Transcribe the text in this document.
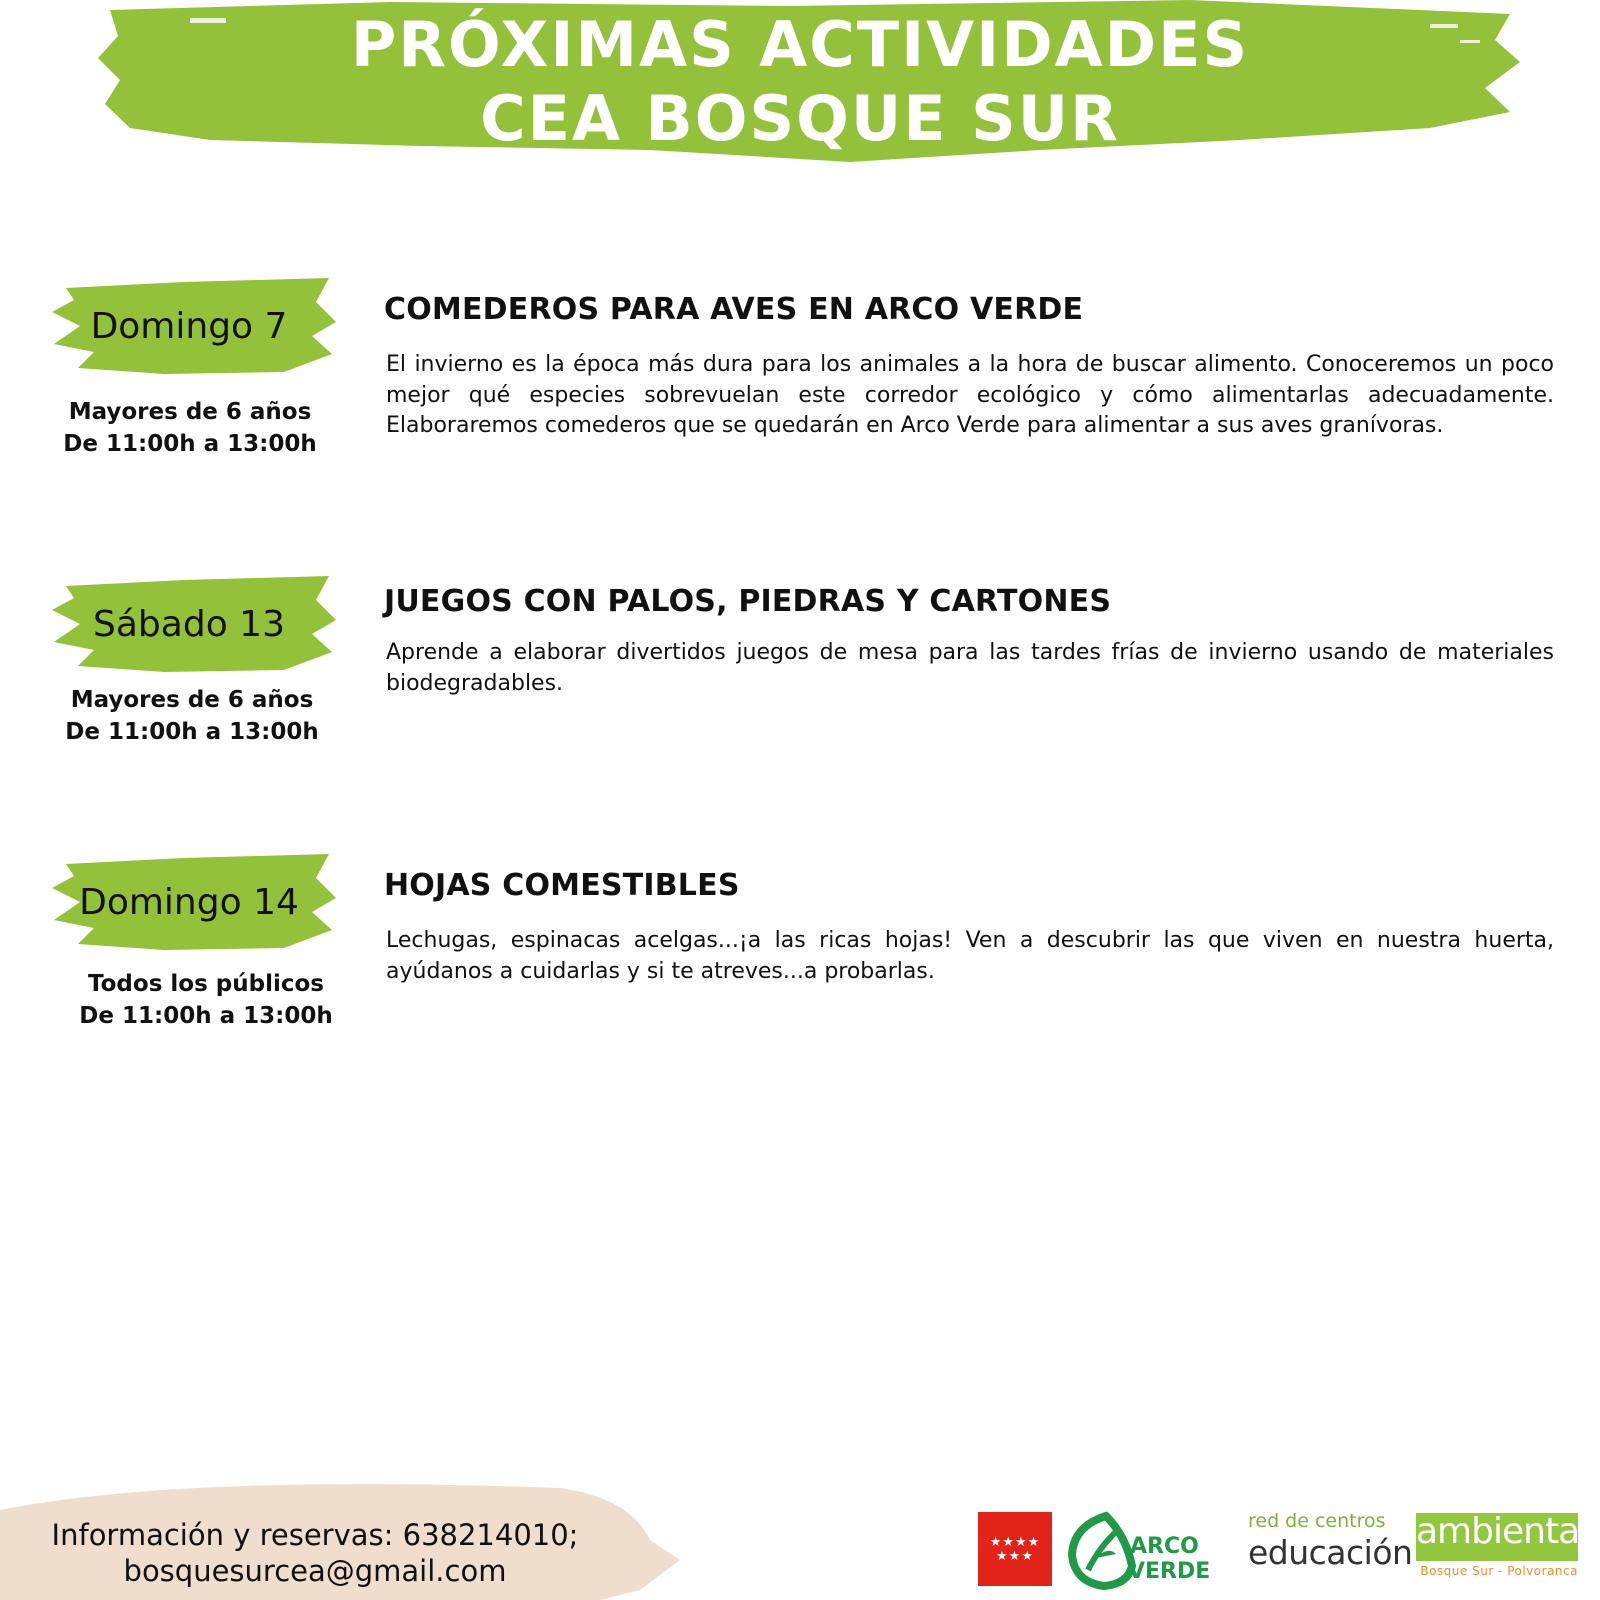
PRÓXIMAS ACTIVIDADES
CEA BOSQUE SUR
Domingo 7
Mayores de 6 años
De 11:00h a 13:00h
COMEDEROS PARA AVES EN ARCO VERDE
El invierno es la época más dura para los animales a la hora de buscar alimento. Conoceremos un poco mejor qué especies sobrevuelan este corredor ecológico y cómo alimentarlas adecuadamente. Elaboraremos comederos que se quedarán en Arco Verde para alimentar a sus aves granívoras.
Sábado 13
Mayores de 6 años
De 11:00h a 13:00h
JUEGOS CON PALOS, PIEDRAS Y CARTONES
Aprende a elaborar divertidos juegos de mesa para las tardes frías de invierno usando de materiales biodegradables.
Domingo 14
Todos los públicos
De 11:00h a 13:00h
HOJAS COMESTIBLES
Lechugas, espinacas acelgas...¡a las ricas hojas! Ven a descubrir las que viven en nuestra huerta, ayúdanos a cuidarlas y si te atreves...a probarlas.
Información y reservas: 638214010;
bosquesurcea@gmail.com
★★★★ ★★★	ARCO
VERDE
red de centros
educación
ambiental
Bosque Sur - Polvoranca
